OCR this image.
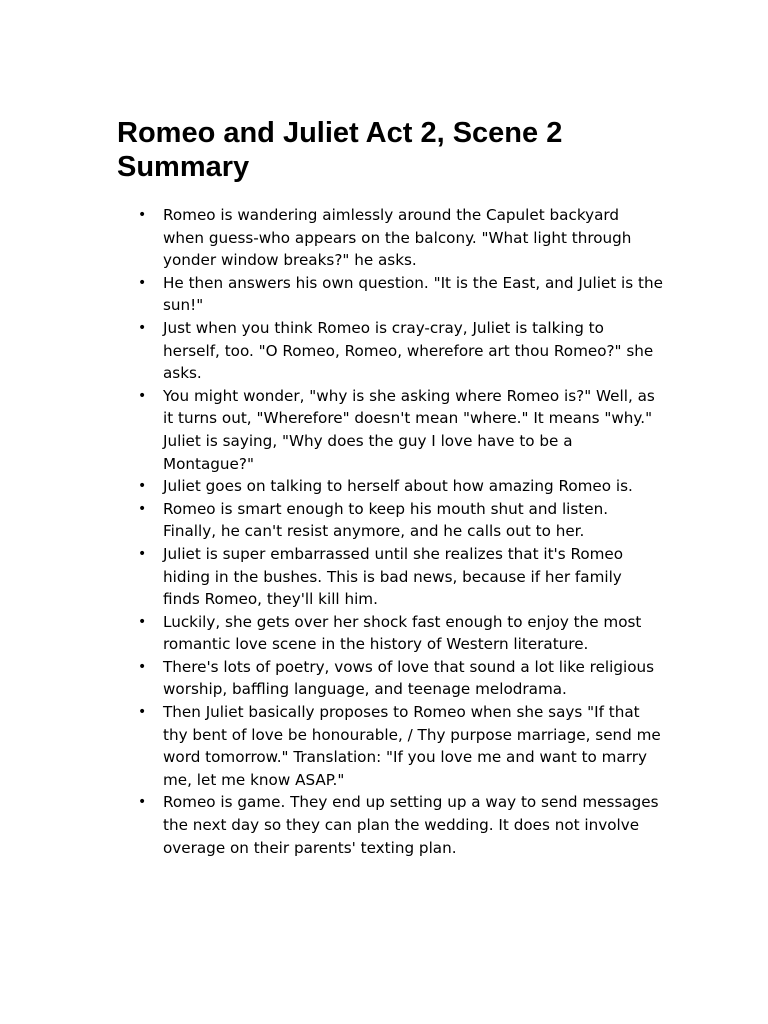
Romeo and Juliet Act 2, Scene 2 Summary
• Romeo is wandering aimlessly around the Capulet backyard when guess-who appears on the balcony. "What light through yonder window breaks?" he asks.
• He then answers his own question. "It is the East, and Juliet is the sun!"
• Just when you think Romeo is cray-cray, Juliet is talking to herself, too. "O Romeo, Romeo, wherefore art thou Romeo?" she asks.
• You might wonder, "why is she asking where Romeo is?" Well, as it turns out, "Wherefore" doesn't mean "where." It means "why." Juliet is saying, "Why does the guy I love have to be a Montague?"
• Juliet goes on talking to herself about how amazing Romeo is.
• Romeo is smart enough to keep his mouth shut and listen. Finally, he can't resist anymore, and he calls out to her.
• Juliet is super embarrassed until she realizes that it's Romeo hiding in the bushes. This is bad news, because if her family finds Romeo, they'll kill him.
• Luckily, she gets over her shock fast enough to enjoy the most romantic love scene in the history of Western literature.
• There's lots of poetry, vows of love that sound a lot like religious worship, baffling language, and teenage melodrama.
• Then Juliet basically proposes to Romeo when she says "If that thy bent of love be honourable, / Thy purpose marriage, send me word tomorrow." Translation: "If you love me and want to marry me, let me know ASAP."
• Romeo is game. They end up setting up a way to send messages the next day so they can plan the wedding. It does not involve overage on their parents' texting plan.
